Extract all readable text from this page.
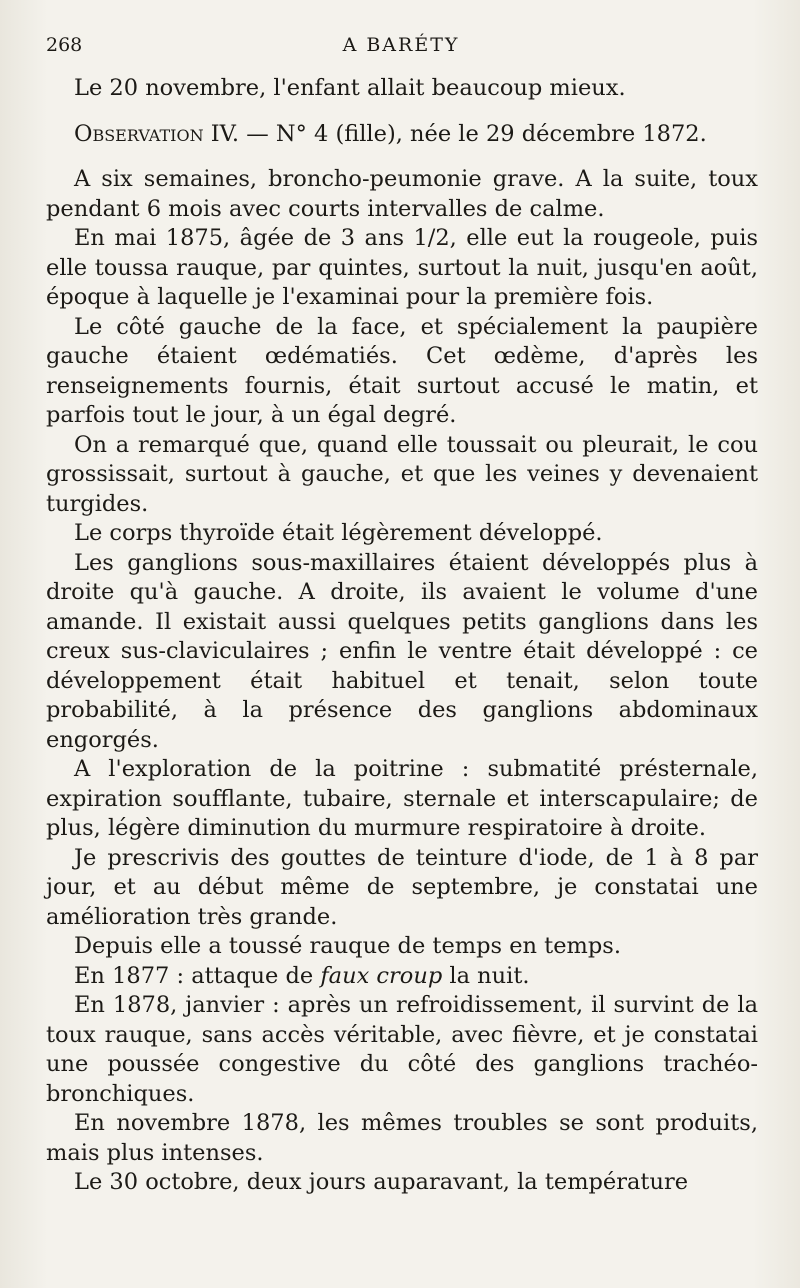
268	A BARÉTY

Le 20 novembre, l'enfant allait beaucoup mieux.

Observation IV. — N° 4 (fille), née le 29 décembre 1872.

A six semaines, broncho-peumonie grave. A la suite, toux pendant 6 mois avec courts intervalles de calme.

En mai 1875, âgée de 3 ans 1/2, elle eut la rougeole, puis elle toussa rauque, par quintes, surtout la nuit, jusqu'en août, époque à laquelle je l'examinai pour la première fois.

Le côté gauche de la face, et spécialement la paupière gauche étaient œdématiés. Cet œdème, d'après les renseignements fournis, était surtout accusé le matin, et parfois tout le jour, à un égal degré.

On a remarqué que, quand elle toussait ou pleurait, le cou grossissait, surtout à gauche, et que les veines y devenaient turgides.

Le corps thyroïde était légèrement développé.

Les ganglions sous-maxillaires étaient développés plus à droite qu'à gauche. A droite, ils avaient le volume d'une amande. Il existait aussi quelques petits ganglions dans les creux sus-claviculaires ; enfin le ventre était développé : ce développement était habituel et tenait, selon toute probabilité, à la présence des ganglions abdominaux engorgés.

A l'exploration de la poitrine : submatité présternale, expiration soufflante, tubaire, sternale et interscapulaire; de plus, légère diminution du murmure respiratoire à droite.

Je prescrivis des gouttes de teinture d'iode, de 1 à 8 par jour, et au début même de septembre, je constatai une amélioration très grande.

Depuis elle a toussé rauque de temps en temps.

En 1877 : attaque de faux croup la nuit.

En 1878, janvier : après un refroidissement, il survint de la toux rauque, sans accès véritable, avec fièvre, et je constatai une poussée congestive du côté des ganglions trachéo-bronchiques.

En novembre 1878, les mêmes troubles se sont produits, mais plus intenses.

Le 30 octobre, deux jours auparavant, la température
